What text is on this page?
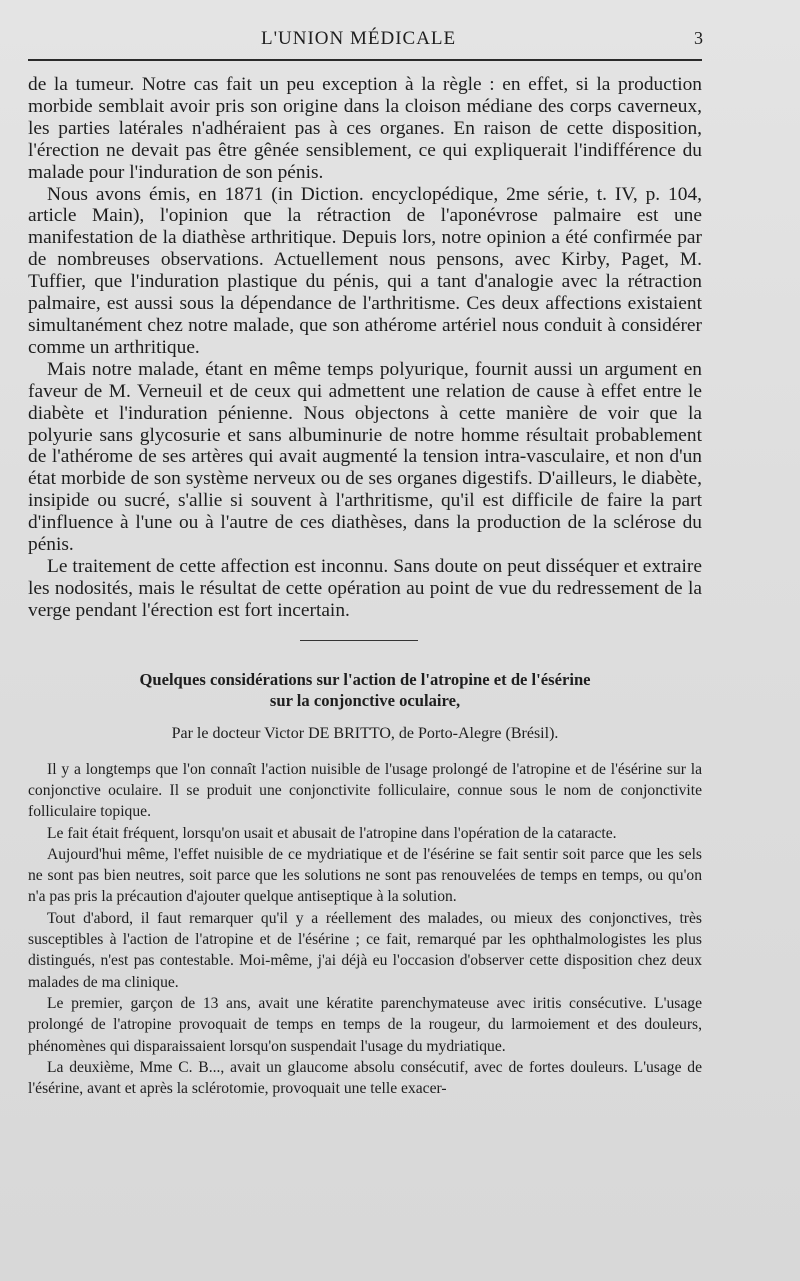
L'UNION MÉDICALE	3

de la tumeur. Notre cas fait un peu exception à la règle : en effet, si la production morbide semblait avoir pris son origine dans la cloison médiane des corps caverneux, les parties latérales n'adhéraient pas à ces organes. En raison de cette disposition, l'érection ne devait pas être gênée sensiblement, ce qui expliquerait l'indifférence du malade pour l'induration de son pénis.

Nous avons émis, en 1871 (in Diction. encyclopédique, 2me série, t. IV, p. 104, article Main), l'opinion que la rétraction de l'aponévrose palmaire est une manifestation de la diathèse arthritique. Depuis lors, notre opinion a été confirmée par de nombreuses observations. Actuellement nous pensons, avec Kirby, Paget, M. Tuffier, que l'induration plastique du pénis, qui a tant d'analogie avec la rétraction palmaire, est aussi sous la dépendance de l'arthritisme. Ces deux affections existaient simultanément chez notre malade, que son athérome artériel nous conduit à considérer comme un arthritique.

Mais notre malade, étant en même temps polyurique, fournit aussi un argument en faveur de M. Verneuil et de ceux qui admettent une relation de cause à effet entre le diabète et l'induration pénienne. Nous objectons à cette manière de voir que la polyurie sans glycosurie et sans albuminurie de notre homme résultait probablement de l'athérome de ses artères qui avait augmenté la tension intra-vasculaire, et non d'un état morbide de son système nerveux ou de ses organes digestifs. D'ailleurs, le diabète, insipide ou sucré, s'allie si souvent à l'arthritisme, qu'il est difficile de faire la part d'influence à l'une ou à l'autre de ces diathèses, dans la production de la sclérose du pénis.

Le traitement de cette affection est inconnu. Sans doute on peut disséquer et extraire les nodosités, mais le résultat de cette opération au point de vue du redressement de la verge pendant l'érection est fort incertain.

Quelques considérations sur l'action de l'atropine et de l'ésérine
sur la conjonctive oculaire,
Par le docteur Victor DE BRITTO, de Porto-Alegre (Brésil).

Il y a longtemps que l'on connaît l'action nuisible de l'usage prolongé de l'atropine et de l'ésérine sur la conjonctive oculaire. Il se produit une conjonctivite folliculaire, connue sous le nom de conjonctivite folliculaire topique.

Le fait était fréquent, lorsqu'on usait et abusait de l'atropine dans l'opération de la cataracte.

Aujourd'hui même, l'effet nuisible de ce mydriatique et de l'ésérine se fait sentir soit parce que les sels ne sont pas bien neutres, soit parce que les solutions ne sont pas renouvelées de temps en temps, ou qu'on n'a pas pris la précaution d'ajouter quelque antiseptique à la solution.

Tout d'abord, il faut remarquer qu'il y a réellement des malades, ou mieux des conjonctives, très susceptibles à l'action de l'atropine et de l'ésérine ; ce fait, remarqué par les ophthalmologistes les plus distingués, n'est pas contestable. Moi-même, j'ai déjà eu l'occasion d'observer cette disposition chez deux malades de ma clinique.

Le premier, garçon de 13 ans, avait une kératite parenchymateuse avec iritis consécutive. L'usage prolongé de l'atropine provoquait de temps en temps de la rougeur, du larmoiement et des douleurs, phénomènes qui disparaissaient lorsqu'on suspendait l'usage du mydriatique.

La deuxième, Mme C. B..., avait un glaucome absolu consécutif, avec de fortes douleurs. L'usage de l'ésérine, avant et après la sclérotomie, provoquait une telle exacer-
